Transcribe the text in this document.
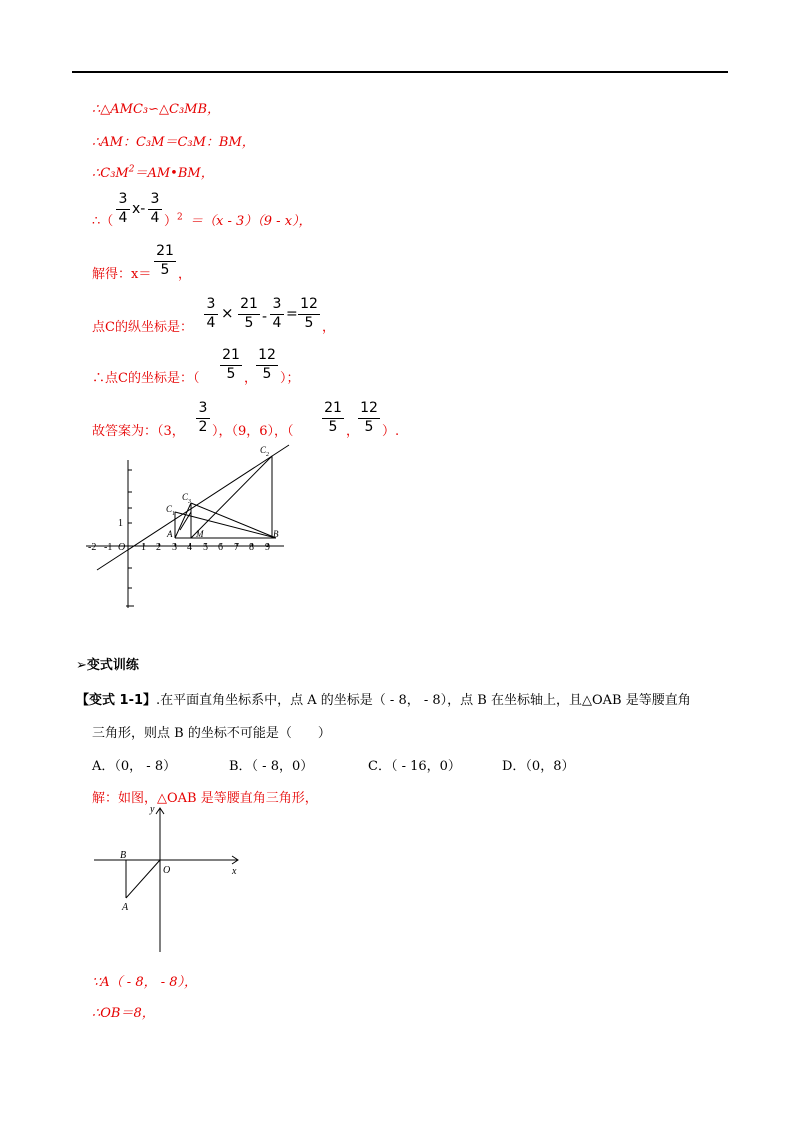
∴△AMC₃∽△C₃MB，
∴AM：C₃M＝C₃M：BM，
$\therefore C_3M^2=AM•BM$，
∴（
3
4
x-
3
4 ）$^2$ ＝（x - 3）（9 - x），
解得：x＝
21
5 ，
点C的纵坐标是：
3
4
× 21
5 -
3
4
=
12
5 ，
∴点C的坐标是：（
21
5 ，
12
5 ）；
故答案为：（3，
3
2 ），（9，6），（
21
5 ，
12
5 ）.
C 1
C 3
C 2
A	M	B
1
-2 -1 O 1 2 3 4 5 6 7 8 9
➢变式训练
【变式 1-1】.在平面直角坐标系中，点 A 的坐标是（ - 8， - 8），点 B 在坐标轴上，且△OAB 是等腰直角
三角形，则点 B 的坐标不可能是（　　）
A．（0， - 8）	B．（ - 8，0）	C．（ - 16，0）	D．（0，8）
解：如图，△OAB 是等腰直角三角形，
y
x
B
O
A
∵A（ - 8， - 8），
∴OB＝8，
